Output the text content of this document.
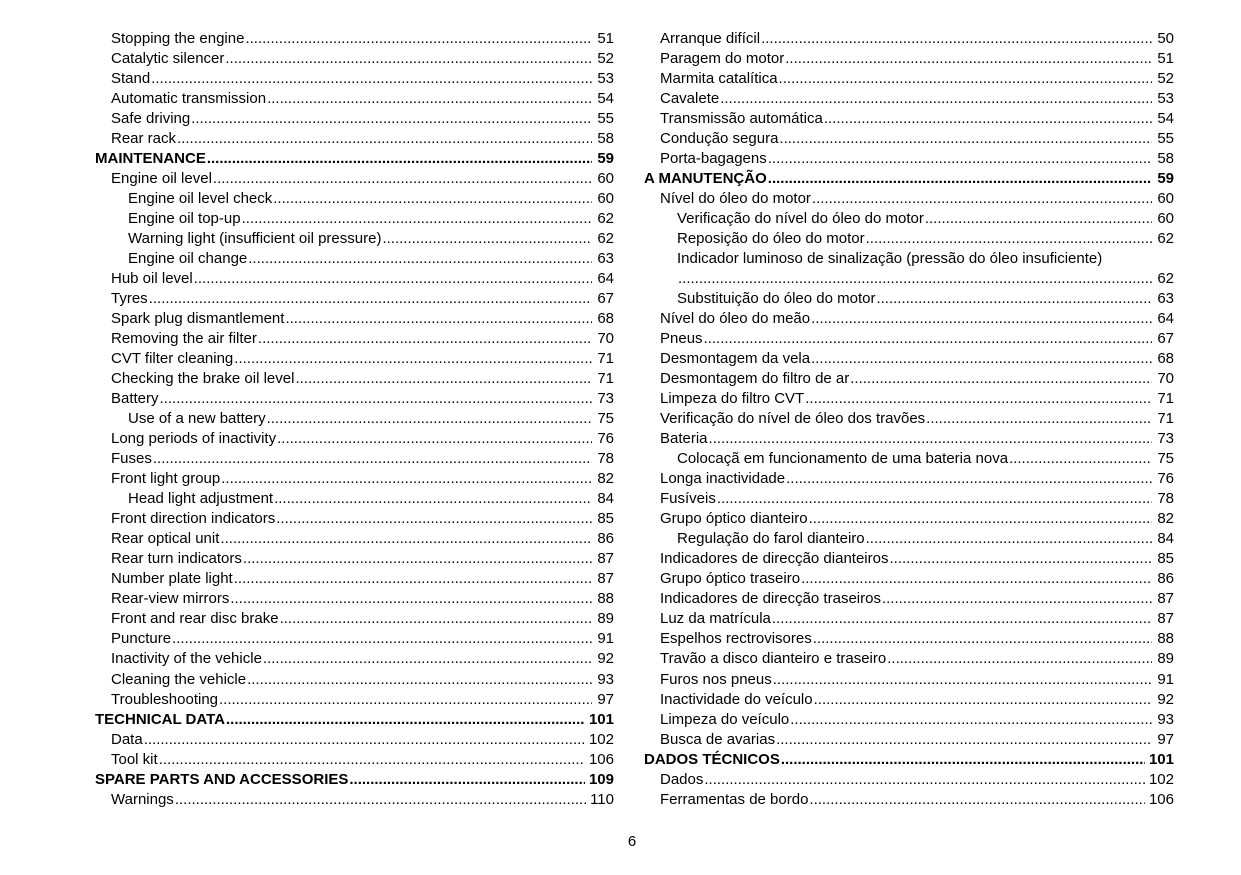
Stopping the engine .....	51
Catalytic silencer .....	52
Stand .....	53
Automatic transmission .....	54
Safe driving .....	55
Rear rack .....	58
MAINTENANCE .....	59
Engine oil level .....	60
Engine oil level check .....	60
Engine oil top-up .....	62
Warning light (insufficient oil pressure) .....	62
Engine oil change .....	63
Hub oil level .....	64
Tyres .....	67
Spark plug dismantlement .....	68
Removing the air filter .....	70
CVT filter cleaning .....	71
Checking the brake oil level .....	71
Battery .....	73
Use of a new battery .....	75
Long periods of inactivity .....	76
Fuses .....	78
Front light group .....	82
Head light adjustment .....	84
Front direction indicators .....	85
Rear optical unit .....	86
Rear turn indicators .....	87
Number plate light .....	87
Rear-view mirrors .....	88
Front and rear disc brake .....	89
Puncture .....	91
Inactivity of the vehicle .....	92
Cleaning the vehicle .....	93
Troubleshooting .....	97
TECHNICAL DATA .....	101
Data .....	102
Tool kit .....	106
SPARE PARTS AND ACCESSORIES .....	109
Warnings .....	110
Arranque difícil .....	50
Paragem do motor .....	51
Marmita catalítica .....	52
Cavalete .....	53
Transmissão automática .....	54
Condução segura .....	55
Porta-bagagens .....	58
A MANUTENÇÃO .....	59
Nível do óleo do motor .....	60
Verificação do nível do óleo do motor .....	60
Reposição do óleo do motor .....	62
Indicador luminoso de sinalização (pressão do óleo insuficiente)
.....
62
Substituição do óleo do motor .....	63
Nível do óleo do meão .....	64
Pneus .....	67
Desmontagem da vela .....	68
Desmontagem do filtro de ar .....	70
Limpeza do filtro CVT .....	71
Verificação do nível de óleo dos travões .....	71
Bateria .....	73
Colocaçã em funcionamento de uma bateria nova .....	75
Longa inactividade .....	76
Fusíveis .....	78
Grupo óptico dianteiro .....	82
Regulação do farol dianteiro .....	84
Indicadores de direcção dianteiros .....	85
Grupo óptico traseiro .....	86
Indicadores de direcção traseiros .....	87
Luz da matrícula .....	87
Espelhos rectrovisores .....	88
Travão a disco dianteiro e traseiro .....	89
Furos nos pneus .....	91
Inactividade do veículo .....	92
Limpeza do veículo .....	93
Busca de avarias .....	97
DADOS TÉCNICOS .....	101
Dados .....	102
Ferramentas de bordo .....	106
6
